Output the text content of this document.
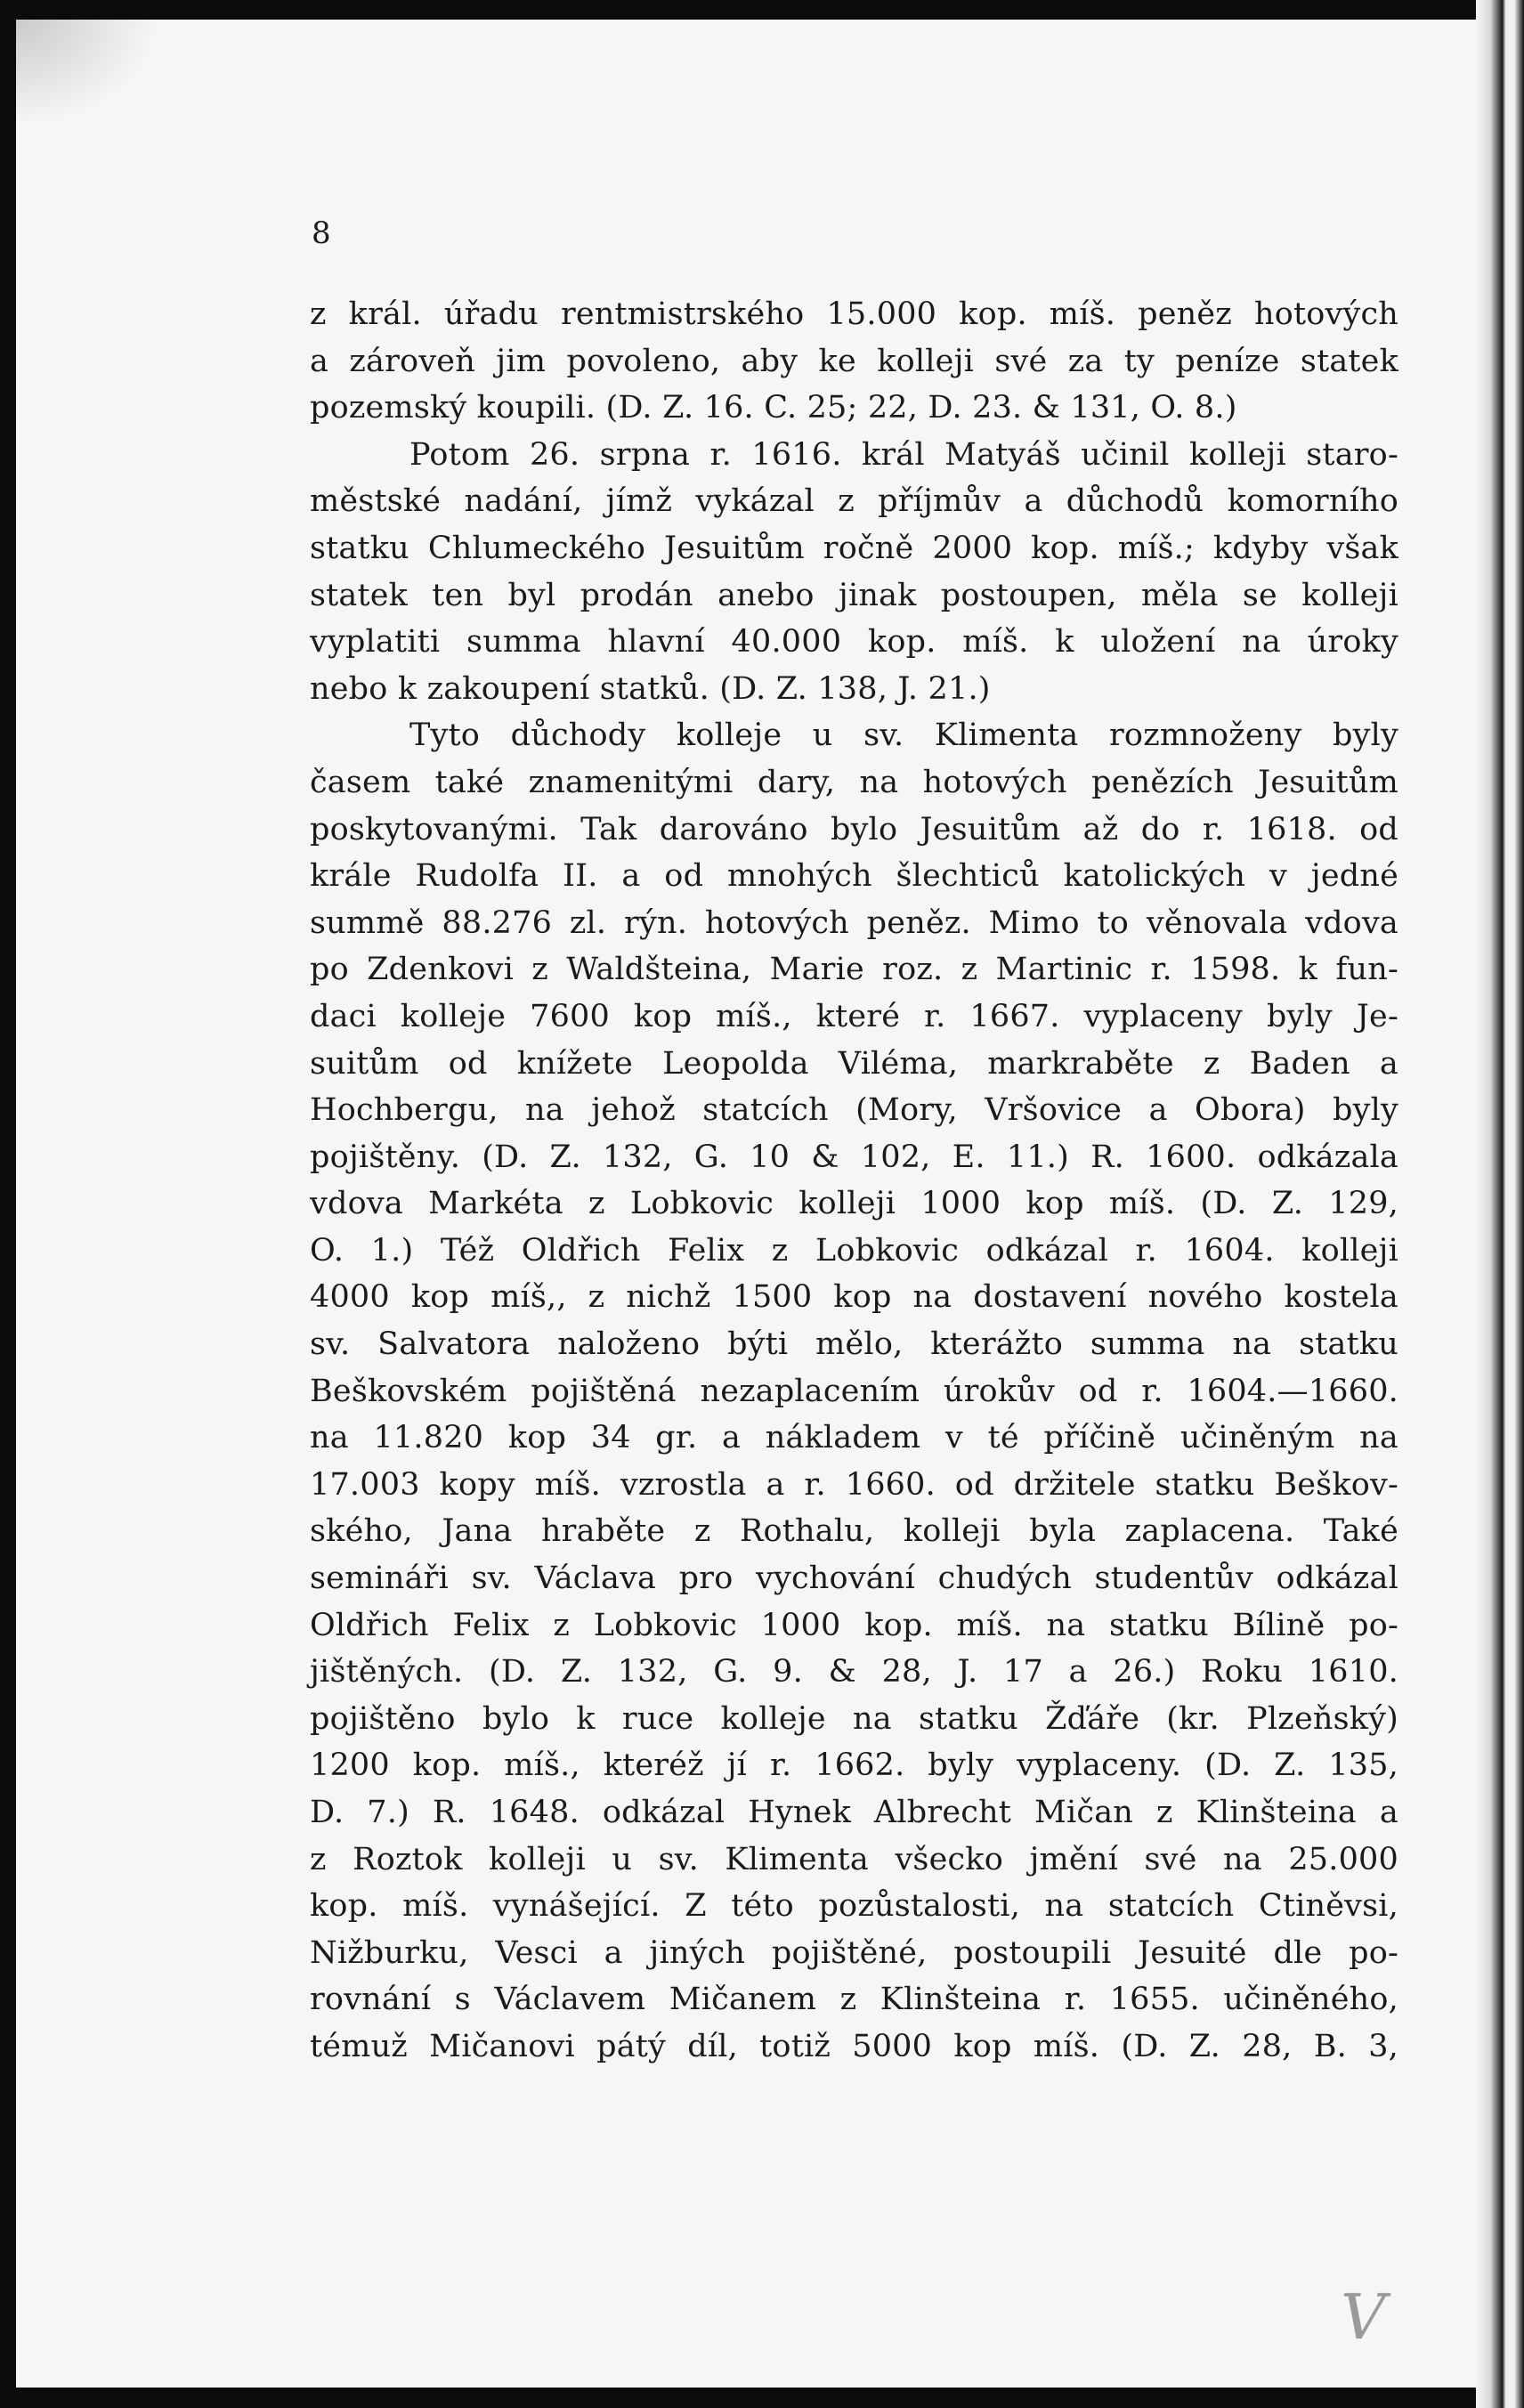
8
z král. úřadu rentmistrského 15.000 kop. míš. peněz hotových
a zároveň jim povoleno, aby ke kolleji své za ty peníze statek
pozemský koupili. (D. Z. 16. C. 25; 22, D. 23. & 131, O. 8.)
Potom 26. srpna r. 1616. král Matyáš učinil kolleji staro-
městské nadání, jímž vykázal z příjmův a důchodů komorního
statku Chlumeckého Jesuitům ročně 2000 kop. míš.; kdyby však
statek ten byl prodán anebo jinak postoupen, měla se kolleji
vyplatiti summa hlavní 40.000 kop. míš. k uložení na úroky
nebo k zakoupení statků. (D. Z. 138, J. 21.)
Tyto důchody kolleje u sv. Klimenta rozmnoženy byly
časem také znamenitými dary, na hotových penězích Jesuitům
poskytovanými. Tak darováno bylo Jesuitům až do r. 1618. od
krále Rudolfa II. a od mnohých šlechticů katolických v jedné
summě 88.276 zl. rýn. hotových peněz. Mimo to věnovala vdova
po Zdenkovi z Waldšteina, Marie roz. z Martinic r. 1598. k fun-
daci kolleje 7600 kop míš., které r. 1667. vyplaceny byly Je-
suitům od knížete Leopolda Viléma, markraběte z Baden a
Hochbergu, na jehož statcích (Mory, Vršovice a Obora) byly
pojištěny. (D. Z. 132, G. 10 & 102, E. 11.) R. 1600. odkázala
vdova Markéta z Lobkovic kolleji 1000 kop míš. (D. Z. 129,
O. 1.) Též Oldřich Felix z Lobkovic odkázal r. 1604. kolleji
4000 kop míš,, z nichž 1500 kop na dostavení nového kostela
sv. Salvatora naloženo býti mělo, kterážto summa na statku
Beškovském pojištěná nezaplacením úrokův od r. 1604.—1660.
na 11.820 kop 34 gr. a nákladem v té příčině učiněným na
17.003 kopy míš. vzrostla a r. 1660. od držitele statku Beškov-
ského, Jana hraběte z Rothalu, kolleji byla zaplacena. Také
semináři sv. Václava pro vychování chudých studentův odkázal
Oldřich Felix z Lobkovic 1000 kop. míš. na statku Bílině po-
jištěných. (D. Z. 132, G. 9. & 28, J. 17 a 26.) Roku 1610.
pojištěno bylo k ruce kolleje na statku Žďáře (kr. Plzeňský)
1200 kop. míš., kteréž jí r. 1662. byly vyplaceny. (D. Z. 135,
D. 7.) R. 1648. odkázal Hynek Albrecht Mičan z Klinšteina a
z Roztok kolleji u sv. Klimenta všecko jmění své na 25.000
kop. míš. vynášející. Z této pozůstalosti, na statcích Ctiněvsi,
Nižburku, Vesci a jiných pojištěné, postoupili Jesuité dle po-
rovnání s Václavem Mičanem z Klinšteina r. 1655. učiněného,
témuž Mičanovi pátý díl, totiž 5000 kop míš. (D. Z. 28, B. 3,
V
